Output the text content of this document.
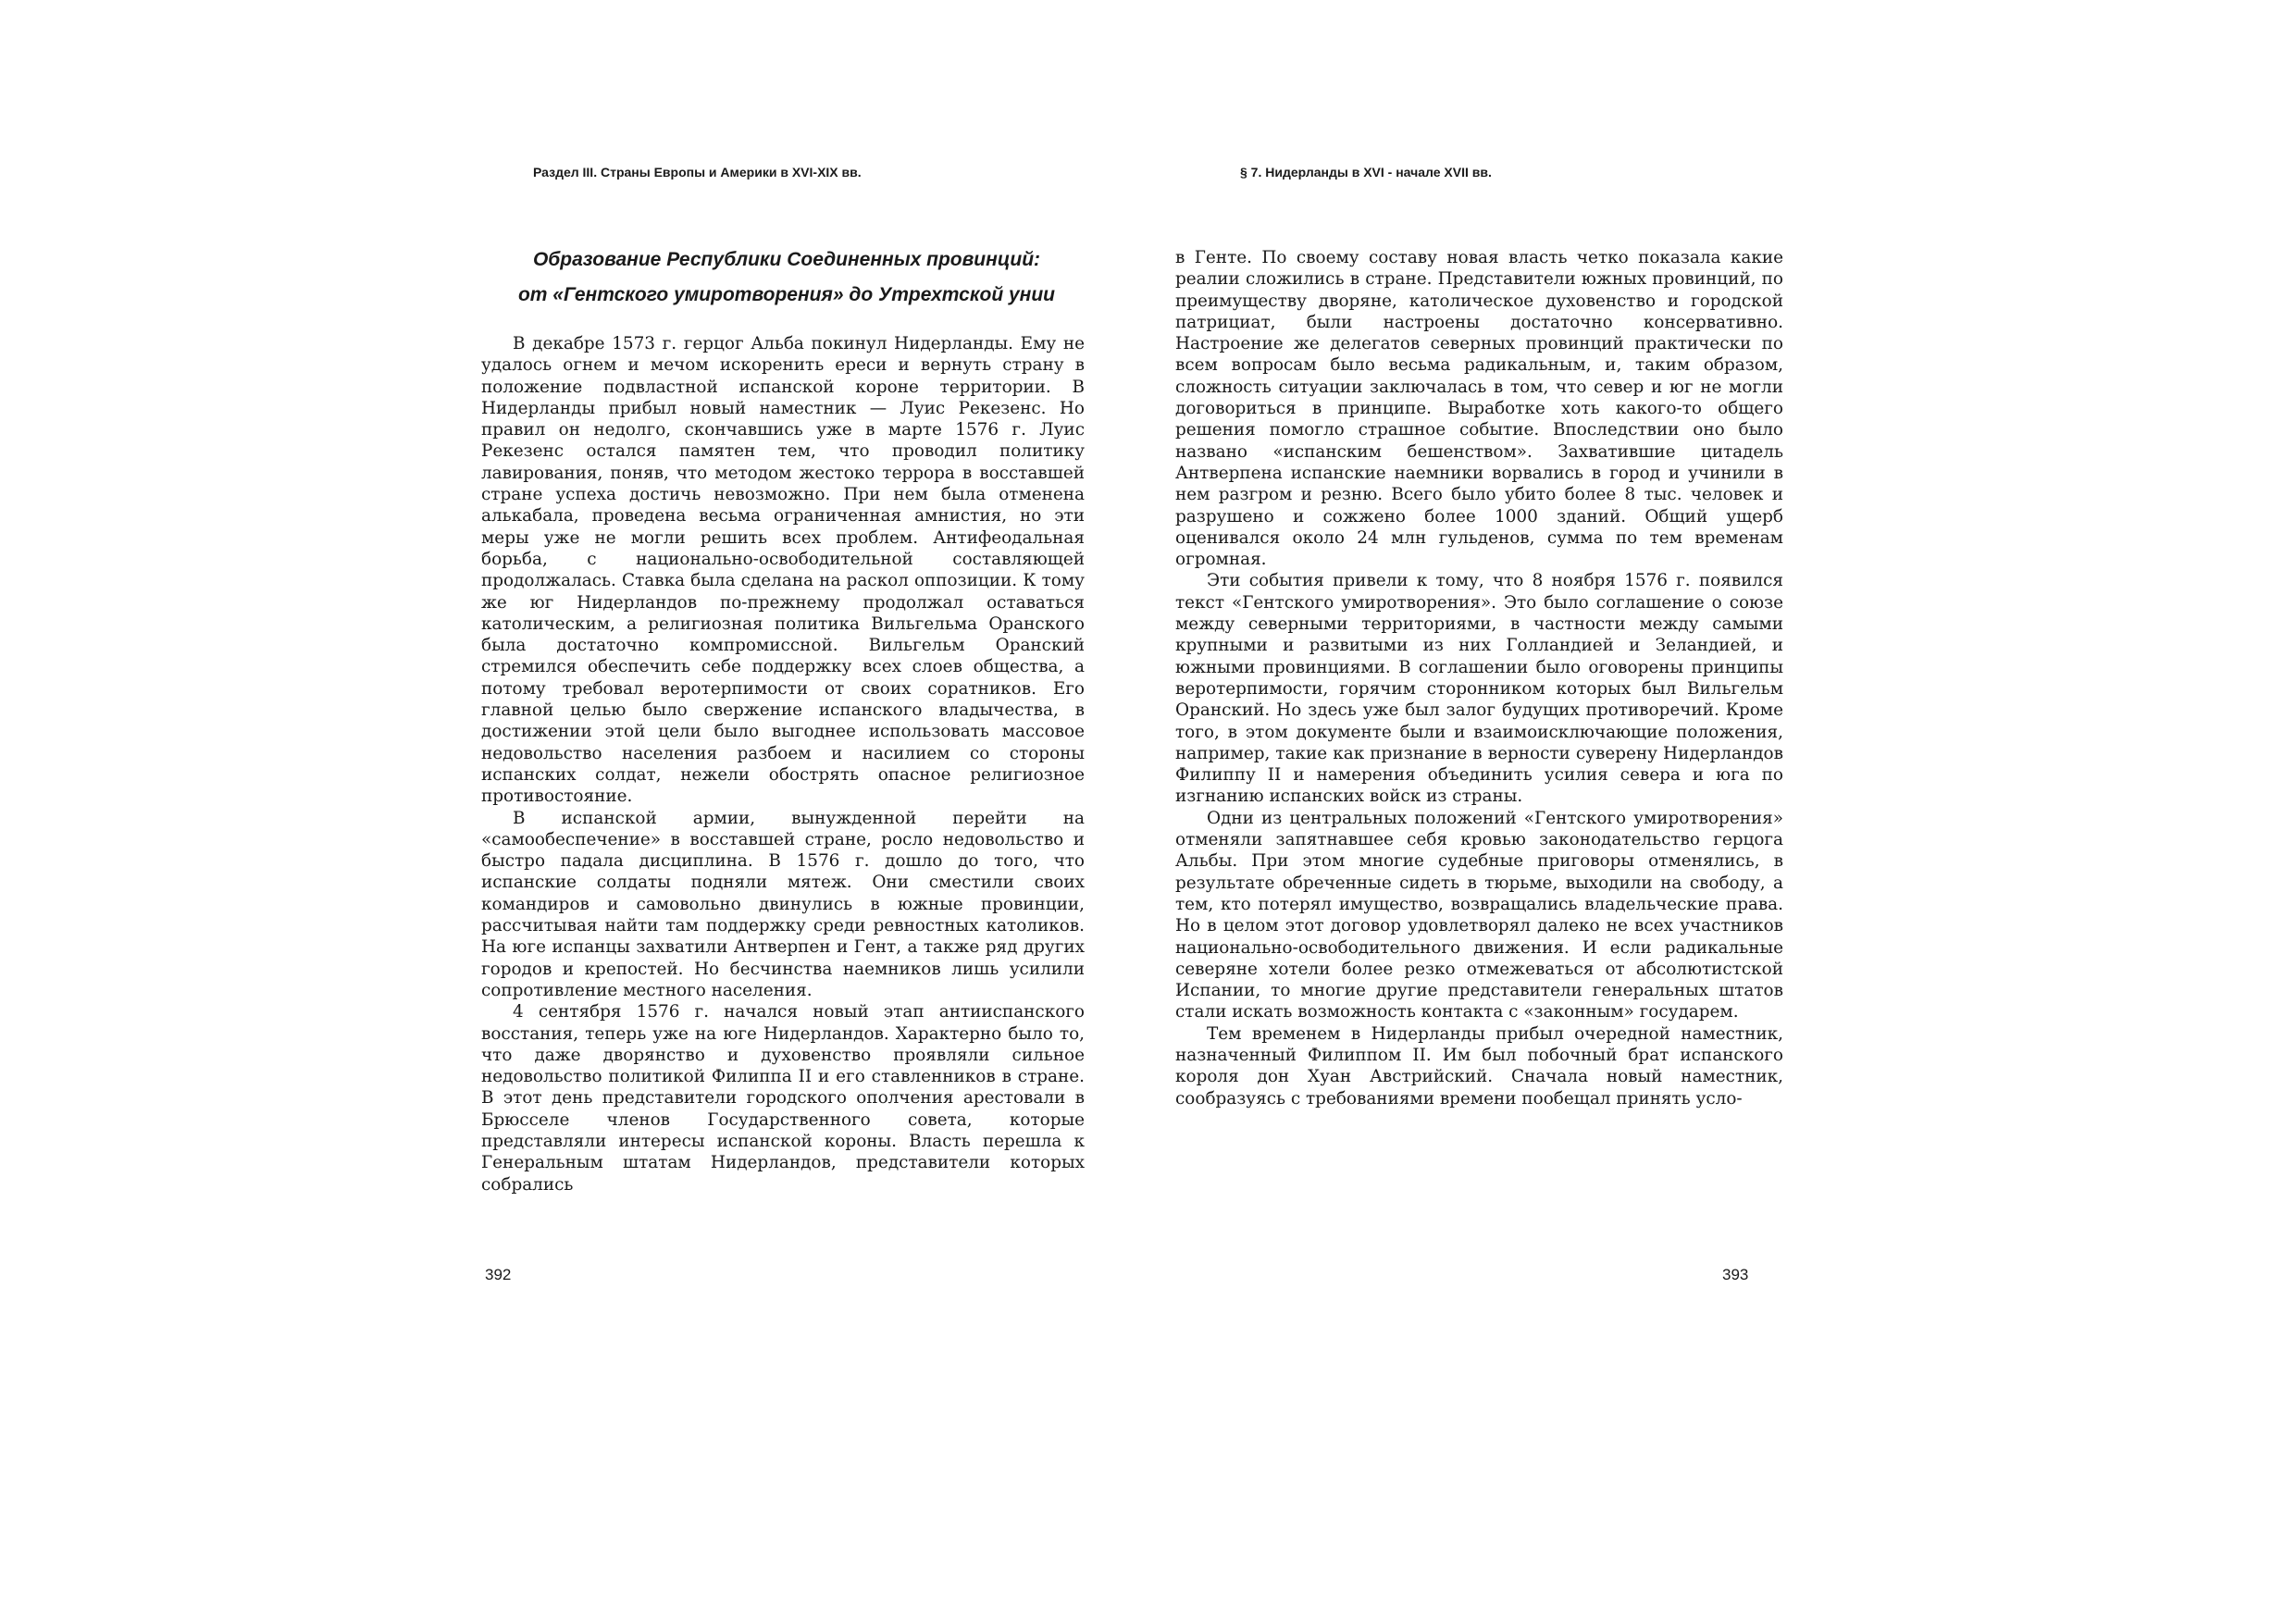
Раздел III. Страны Европы и Америки в XVI-XIX вв.
Образование Республики Соединенных провинций:
от «Гентского умиротворения» до Утрехтской унии

В декабре 1573 г. герцог Альба покинул Нидерланды. Ему не удалось огнем и мечом искоренить ереси и вернуть страну в положение подвластной испанской короне территории. В Нидерланды прибыл новый наместник — Луис Рекезенс. Но правил он недолго, скончавшись уже в марте 1576 г. Луис Рекезенс остался памятен тем, что проводил политику лавирования, поняв, что методом жестоко террора в восставшей стране успеха достичь невозможно. При нем была отменена алькабала, проведена весьма ограниченная амнистия, но эти меры уже не могли решить всех проблем. Антифеодальная борьба, с национально-освободительной составляющей продолжалась. Ставка была сделана на раскол оппозиции. К тому же юг Нидерландов по-прежнему продолжал оставаться католическим, а религиозная политика Вильгельма Оранского была достаточно компромиссной. Вильгельм Оранский стремился обеспечить себе поддержку всех слоев общества, а потому требовал веротерпимости от своих соратников. Его главной целью было свержение испанского владычества, в достижении этой цели было выгоднее использовать массовое недовольство населения разбоем и насилием со стороны испанских солдат, нежели обострять опасное религиозное противостояние.

В испанской армии, вынужденной перейти на «самообеспечение» в восставшей стране, росло недовольство и быстро падала дисциплина. В 1576 г. дошло до того, что испанские солдаты подняли мятеж. Они сместили своих командиров и самовольно двинулись в южные провинции, рассчитывая найти там поддержку среди ревностных католиков. На юге испанцы захватили Антверпен и Гент, а также ряд других городов и крепостей. Но бесчинства наемников лишь усилили сопротивление местного населения.

4 сентября 1576 г. начался новый этап антииспанского восстания, теперь уже на юге Нидерландов. Характерно было то, что даже дворянство и духовенство проявляли сильное недовольство политикой Филиппа II и его ставленников в стране. В этот день представители городского ополчения арестовали в Брюсселе членов Государственного совета, которые представляли интересы испанской короны. Власть перешла к Генеральным штатам Нидерландов, представители которых собрались

392
§ 7. Нидерланды в XVI - начале XVII вв.

в Генте. По своему составу новая власть четко показала какие реалии сложились в стране. Представители южных провинций, по преимуществу дворяне, католическое духовенство и городской патрициат, были настроены достаточно консервативно. Настроение же делегатов северных провинций практически по всем вопросам было весьма радикальным, и, таким образом, сложность ситуации заключалась в том, что север и юг не могли договориться в принципе. Выработке хоть какого-то общего решения помогло страшное событие. Впоследствии оно было названо «испанским бешенством». Захватившие цитадель Антверпена испанские наемники ворвались в город и учинили в нем разгром и резню. Всего было убито более 8 тыс. человек и разрушено и сожжено более 1000 зданий. Общий ущерб оценивался около 24 млн гульденов, сумма по тем временам огромная.

Эти события привели к тому, что 8 ноября 1576 г. появился текст «Гентского умиротворения». Это было соглашение о союзе между северными территориями, в частности между самыми крупными и развитыми из них Голландией и Зеландией, и южными провинциями. В соглашении было оговорены принципы веротерпимости, горячим сторонником которых был Вильгельм Оранский. Но здесь уже был залог будущих противоречий. Кроме того, в этом документе были и взаимоисключающие положения, например, такие как признание в верности суверену Нидерландов Филиппу II и намерения объединить усилия севера и юга по изгнанию испанских войск из страны.

Одни из центральных положений «Гентского умиротворения» отменяли запятнавшее себя кровью законодательство герцога Альбы. При этом многие судебные приговоры отменялись, в результате обреченные сидеть в тюрьме, выходили на свободу, а тем, кто потерял имущество, возвращались владельческие права. Но в целом этот договор удовлетворял далеко не всех участников национально-освободительного движения. И если радикальные северяне хотели более резко отмежеваться от абсолютистской Испании, то многие другие представители генеральных штатов стали искать возможность контакта с «законным» государем.

Тем временем в Нидерланды прибыл очередной наместник, назначенный Филиппом II. Им был побочный брат испанского короля дон Хуан Австрийский. Сначала новый наместник, сообразуясь с требованиями времени пообещал принять усло-

393
